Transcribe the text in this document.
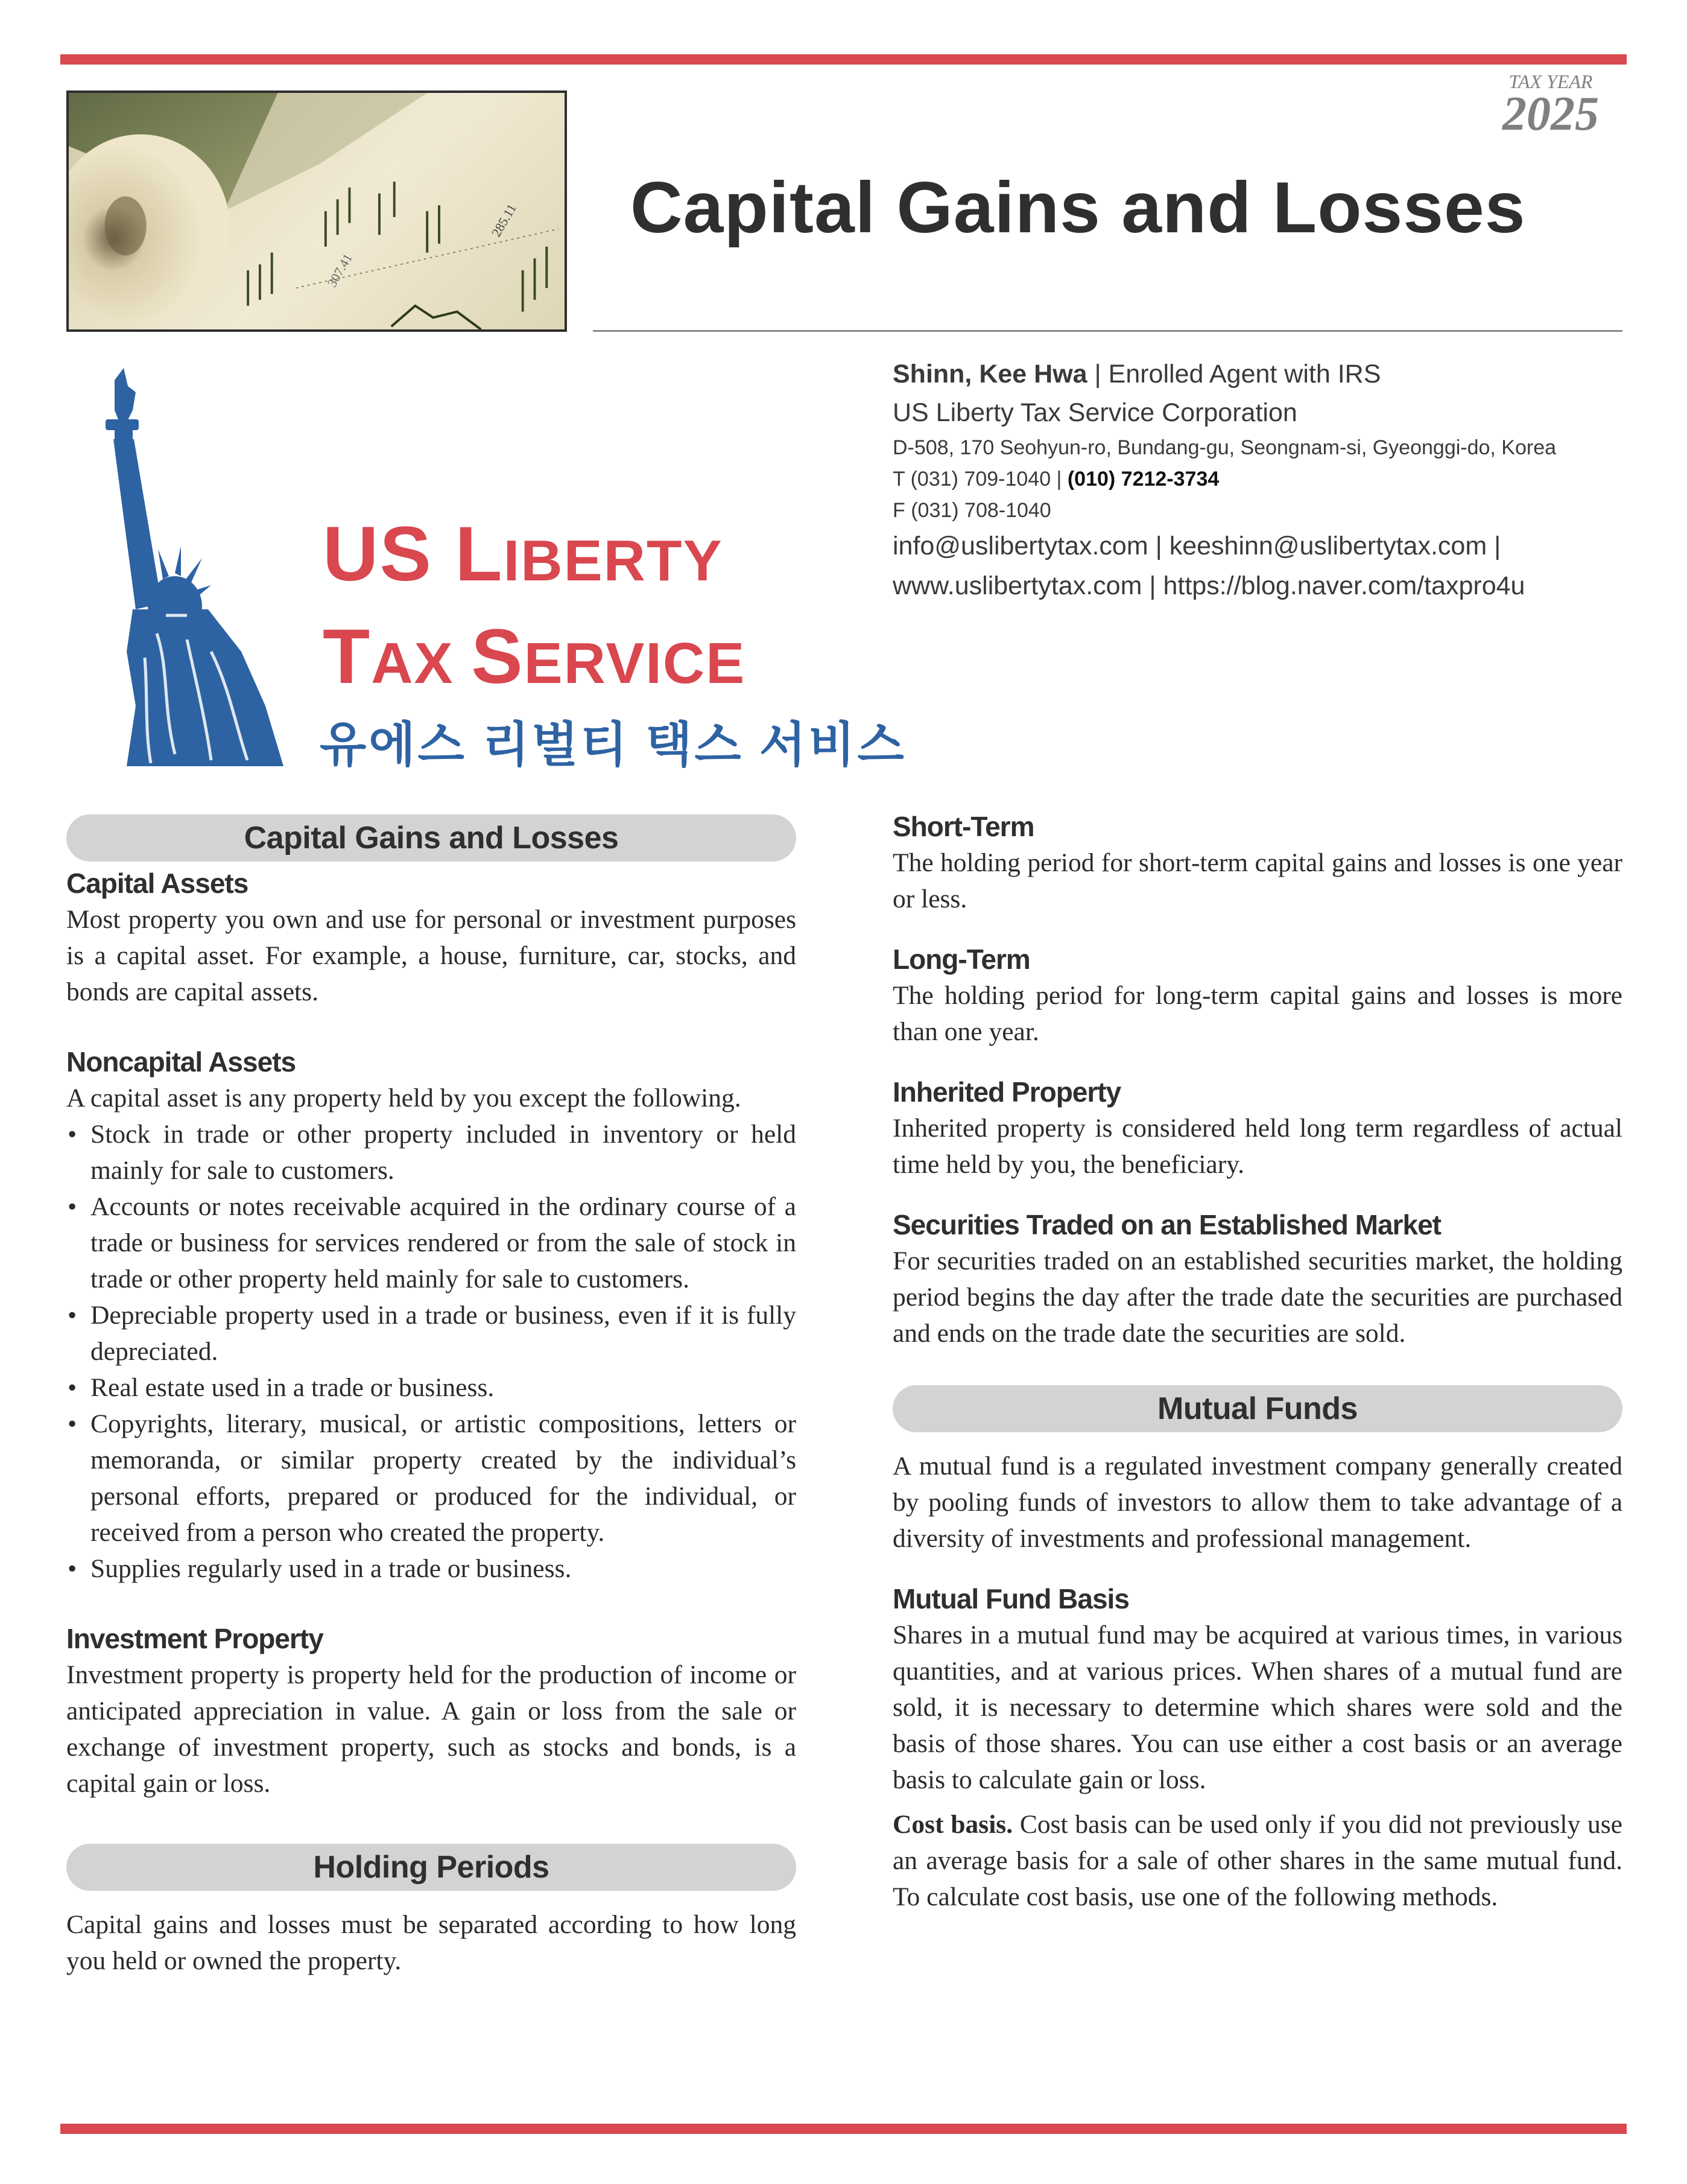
285.11
307.41
TAX YEAR
2025
Capital Gains and Losses
US LIBERTY
TAX SERVICE
유에스 리벌티 택스 서비스
Shinn, Kee Hwa | Enrolled Agent with IRS
US Liberty Tax Service Corporation
D-508, 170 Seohyun-ro, Bundang-gu, Seongnam-si, Gyeonggi-do, Korea
T (031) 709-1040 | (010) 7212-3734
F (031) 708-1040
info@uslibertytax.com | keeshinn@uslibertytax.com |
www.uslibertytax.com | https://blog.naver.com/taxpro4u
Capital Gains and Losses
Capital Assets

Most property you own and use for personal or investment purposes is a capital asset. For example, a house, furniture, car, stocks, and bonds are capital assets.

Noncapital Assets

A capital asset is any property held by you except the following.

• Stock in trade or other property included in inventory or held mainly for sale to customers.
• Accounts or notes receivable acquired in the ordinary course of a trade or business for services rendered or from the sale of stock in trade or other property held mainly for sale to customers.
• Depreciable property used in a trade or business, even if it is fully depreciated.
• Real estate used in a trade or business.
• Copyrights, literary, musical, or artistic compositions, letters or memoranda, or similar property created by the individual’s personal efforts, prepared or produced for the individual, or received from a person who created the property.
• Supplies regularly used in a trade or business.
Investment Property

Investment property is property held for the production of income or anticipated appreciation in value. A gain or loss from the sale or exchange of investment property, such as stocks and bonds, is a capital gain or loss.

Holding Periods

Capital gains and losses must be separated according to how long you held or owned the property.

Short-Term

The holding period for short-term capital gains and losses is one year or less.

Long-Term

The holding period for long-term capital gains and losses is more than one year.

Inherited Property

Inherited property is considered held long term regardless of actual time held by you, the beneficiary.

Securities Traded on an Established Market

For securities traded on an established securities market, the holding period begins the day after the trade date the securities are purchased and ends on the trade date the securities are sold.

Mutual Funds

A mutual fund is a regulated investment company generally created by pooling funds of investors to allow them to take advantage of a diversity of investments and professional management.

Mutual Fund Basis

Shares in a mutual fund may be acquired at various times, in various quantities, and at various prices. When shares of a mutual fund are sold, it is necessary to determine which shares were sold and the basis of those shares. You can use either a cost basis or an average basis to calculate gain or loss.

Cost basis. Cost basis can be used only if you did not previously use an average basis for a sale of other shares in the same mutual fund. To calculate cost basis, use one of the following methods.
